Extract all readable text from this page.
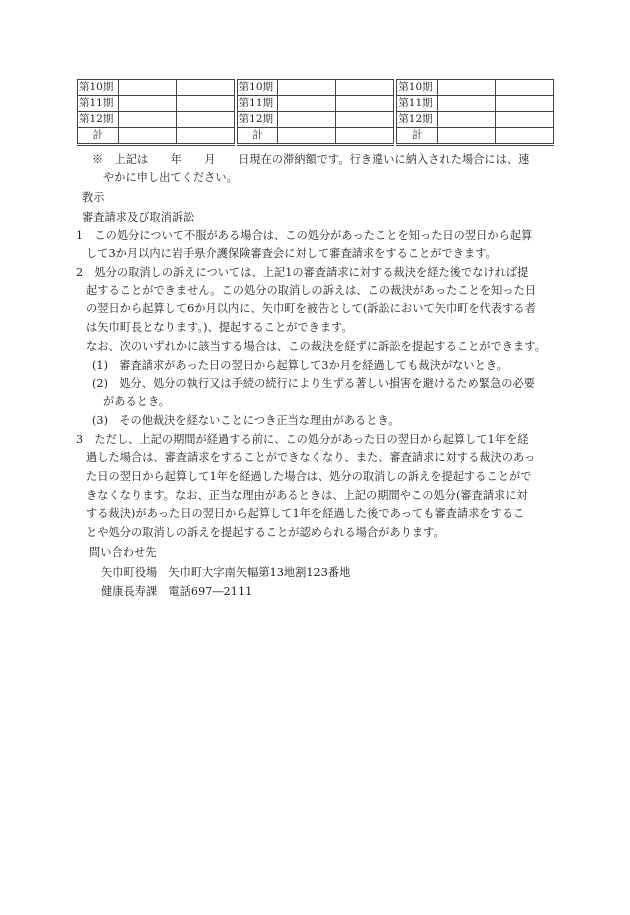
第10期				第10期				第10期		
第11期				第11期				第11期		
第12期				第12期				第12期		
計				計				計		
※　上記は　　年　　月　　日現在の滞納額です。行き違いに納入された場合には、速
やかに申し出てください。
教示
審査請求及び取消訴訟
1　この処分について不服がある場合は、この処分があったことを知った日の翌日から起算
して3か月以内に岩手県介護保険審査会に対して審査請求をすることができます。
2　処分の取消しの訴えについては、上記1の審査請求に対する裁決を経た後でなければ提
起することができません。この処分の取消しの訴えは、この裁決があったことを知った日
の翌日から起算して6か月以内に、矢巾町を被告として(訴訟において矢巾町を代表する者
は矢巾町長となります。)、提起することができます。
なお、次のいずれかに該当する場合は、この裁決を経ずに訴訟を提起することができます。
(1)　審査請求があった日の翌日から起算して3か月を経過しても裁決がないとき。
(2)　処分、処分の執行又は手続の続行により生ずる著しい損害を避けるため緊急の必要
があるとき。
(3)　その他裁決を経ないことにつき正当な理由があるとき。
3　ただし、上記の期間が経過する前に、この処分があった日の翌日から起算して1年を経
過した場合は、審査請求をすることができなくなり、また、審査請求に対する裁決のあっ
た日の翌日から起算して1年を経過した場合は、処分の取消しの訴えを提起することがで
きなくなります。なお、正当な理由があるときは、上記の期間やこの処分(審査請求に対
する裁決)があった日の翌日から起算して1年を経過した後であっても審査請求をするこ
とや処分の取消しの訴えを提起することが認められる場合があります。
問い合わせ先
矢巾町役場　矢巾町大字南矢幅第13地割123番地
健康長寿課　電話697―2111
